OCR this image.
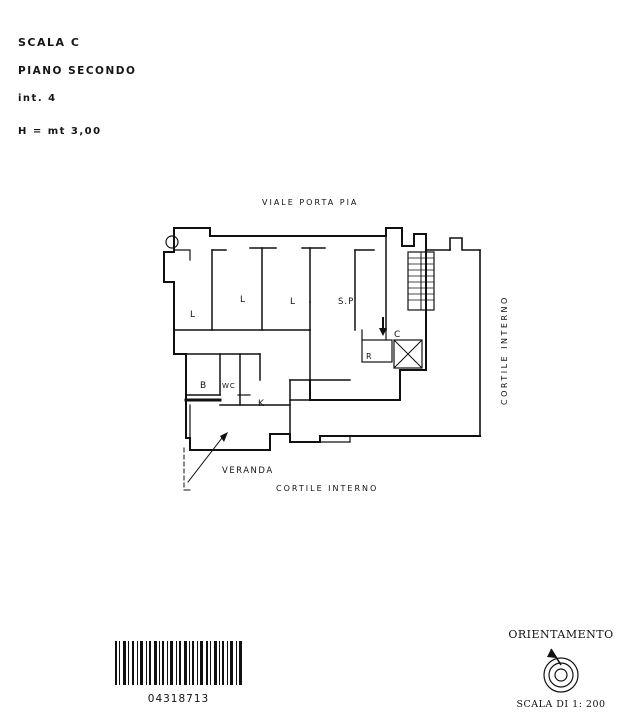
SCALA C
PIANO SECONDO
int. 4
H = mt 3,00
VIALE PORTA PIA
CORTILE INTERNO
CORTILE INTERNO
VERANDA
L
L	L	S.P
C
R
B WC
K
04318713
ORIENTAMENTO
SCALA DI 1: 200
